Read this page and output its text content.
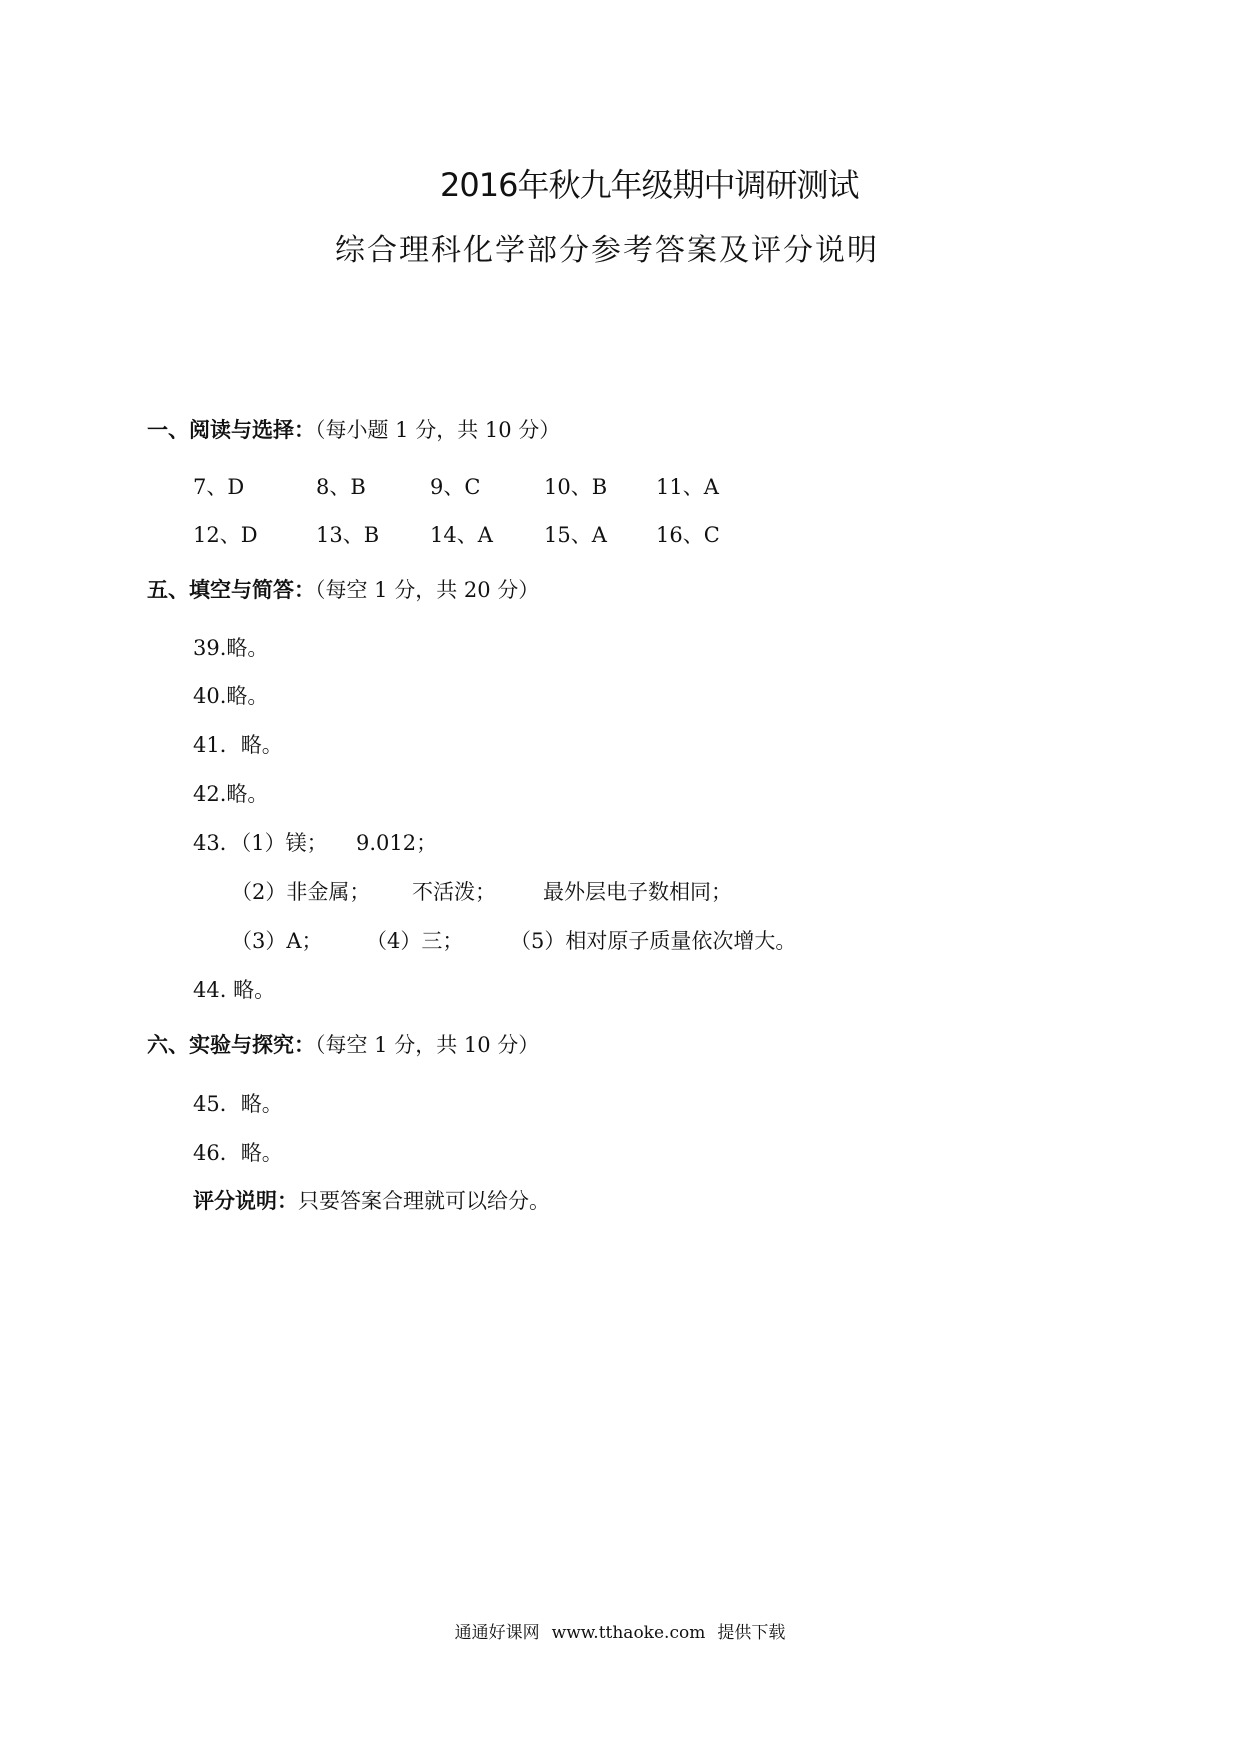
2016年秋九年级期中调研测试
综合理科化学部分参考答案及评分说明
一、阅读与选择：（每小题 1 分，共 10 分）
7、D	8、B	9、C	10、B 11、A
12、D	13、B 14、A 15、A 16、C
五、填空与简答：（每空 1 分，共 20 分）
39.略。
40.略。
41．略。
42.略。
43．（1）镁； 9.012；
（2）非金属； 不活泼； 最外层电子数相同；
（3）A； （4）三； （5）相对原子质量依次增大。
44. 略。
六、实验与探究：（每空 1 分，共 10 分）
45．略。
46．略。
评分说明：只要答案合理就可以给分。
通通好课网 www.tthaoke.com 提供下载
